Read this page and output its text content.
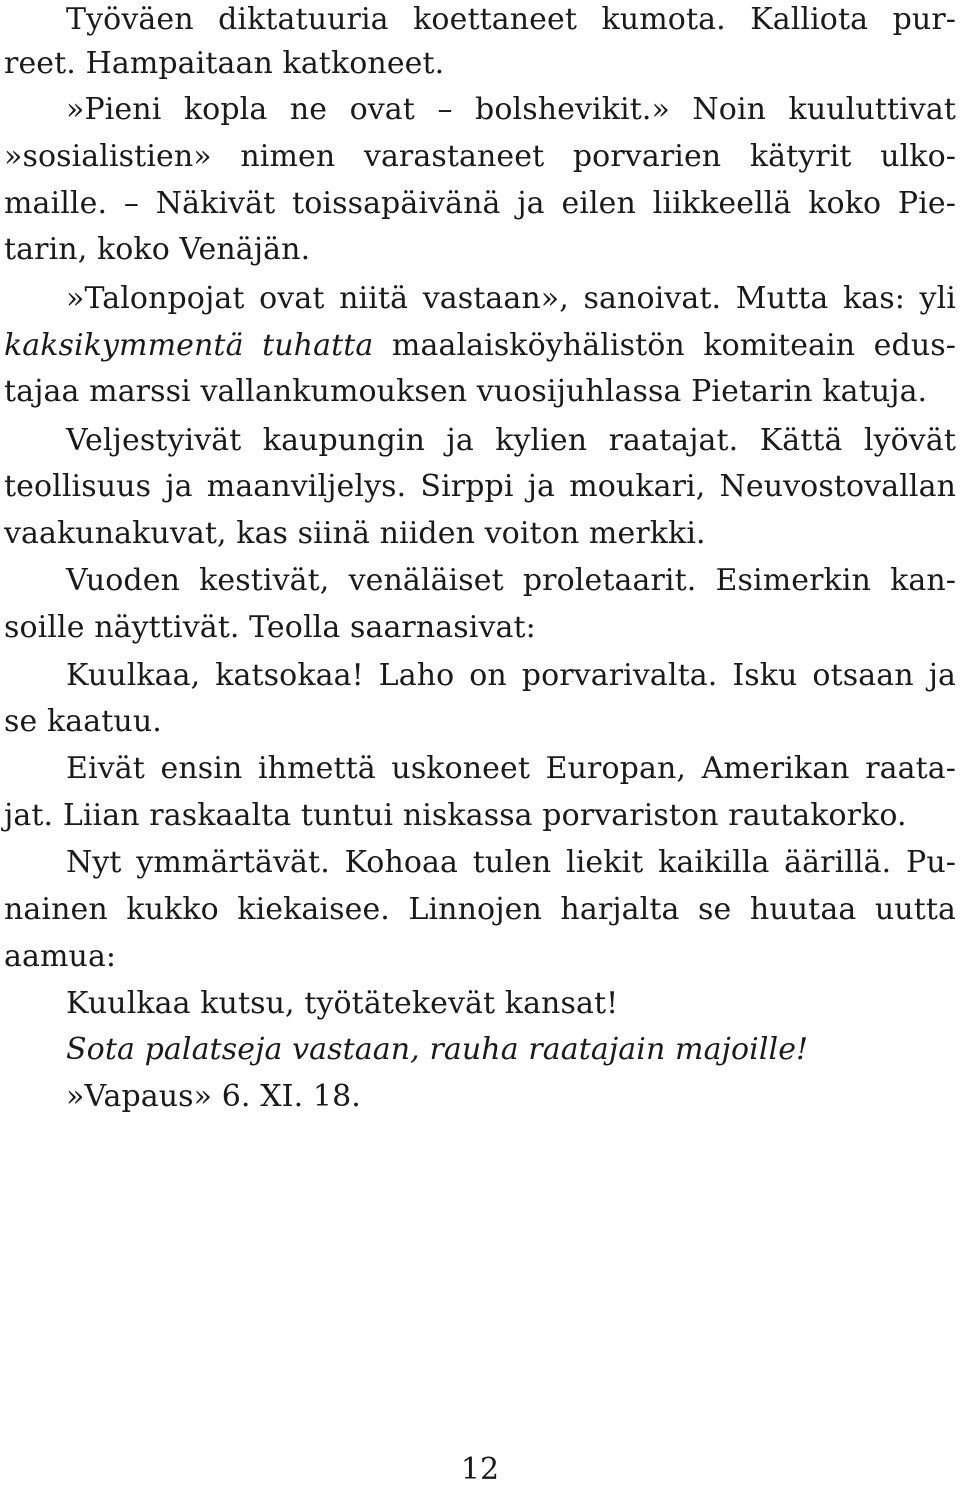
Työväen diktatuuria koettaneet kumota. Kalliota pur-
reet. Hampaitaan katkoneet.
»Pieni kopla ne ovat – bolshevikit.» Noin kuuluttivat
»sosialistien» nimen varastaneet porvarien kätyrit ulko-
maille. – Näkivät toissapäivänä ja eilen liikkeellä koko Pie-
tarin, koko Venäjän.
»Talonpojat ovat niitä vastaan», sanoivat. Mutta kas: yli
kaksikymmentä tuhatta maalaisköyhälistön komiteain edus-
tajaa marssi vallankumouksen vuosijuhlassa Pietarin katuja.
Veljestyivät kaupungin ja kylien raatajat. Kättä lyövät
teollisuus ja maanviljelys. Sirppi ja moukari, Neuvostovallan
vaakunakuvat, kas siinä niiden voiton merkki.
Vuoden kestivät, venäläiset proletaarit. Esimerkin kan-
soille näyttivät. Teolla saarnasivat:
Kuulkaa, katsokaa! Laho on porvarivalta. Isku otsaan ja
se kaatuu.
Eivät ensin ihmettä uskoneet Europan, Amerikan raata-
jat. Liian raskaalta tuntui niskassa porvariston rautakorko.
Nyt ymmärtävät. Kohoaa tulen liekit kaikilla äärillä. Pu-
nainen kukko kiekaisee. Linnojen harjalta se huutaa uutta
aamua:
Kuulkaa kutsu, työtätekevät kansat!
Sota palatseja vastaan, rauha raatajain majoille!
»Vapaus» 6. XI. 18.
12
